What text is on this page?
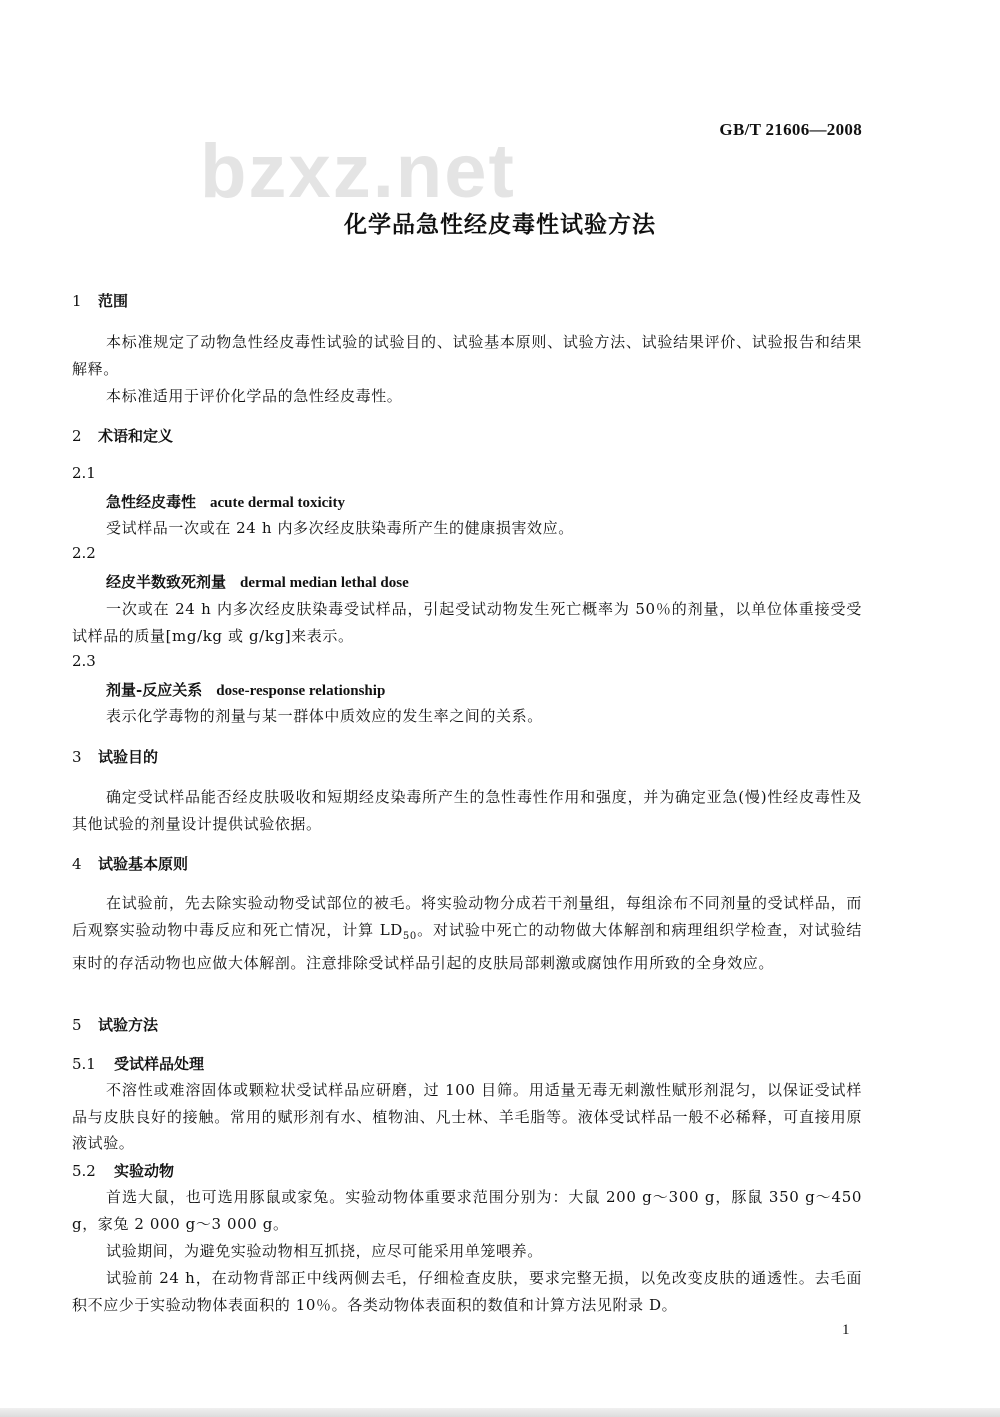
bzxz.net	GB/T 21606—2008
化学品急性经皮毒性试验方法
1 范围
本标准规定了动物急性经皮毒性试验的试验目的、试验基本原则、试验方法、试验结果评价、试验报告和结果解释。
本标准适用于评价化学品的急性经皮毒性。
2 术语和定义
2.1
急性经皮毒性 acute dermal toxicity
受试样品一次或在 24 h 内多次经皮肤染毒所产生的健康损害效应。
2.2
经皮半数致死剂量 dermal median lethal dose
一次或在 24 h 内多次经皮肤染毒受试样品，引起受试动物发生死亡概率为 50％的剂量，以单位体重接受受试样品的质量[mg/kg 或 g/kg]来表示。
2.3
剂量-反应关系 dose-response relationship
表示化学毒物的剂量与某一群体中质效应的发生率之间的关系。
3 试验目的
确定受试样品能否经皮肤吸收和短期经皮染毒所产生的急性毒性作用和强度，并为确定亚急(慢)性经皮毒性及其他试验的剂量设计提供试验依据。
4 试验基本原则
在试验前，先去除实验动物受试部位的被毛。将实验动物分成若干剂量组，每组涂布不同剂量的受试样品，而后观察实验动物中毒反应和死亡情况，计算 $LD_{50}$。对试验中死亡的动物做大体解剖和病理组织学检查，对试验结束时的存活动物也应做大体解剖。注意排除受试样品引起的皮肤局部刺激或腐蚀作用所致的全身效应。
5 试验方法
5.1 受试样品处理
不溶性或难溶固体或颗粒状受试样品应研磨，过 100 目筛。用适量无毒无刺激性赋形剂混匀，以保证受试样品与皮肤良好的接触。常用的赋形剂有水、植物油、凡士林、羊毛脂等。液体受试样品一般不必稀释，可直接用原液试验。
5.2 实验动物
首选大鼠，也可选用豚鼠或家兔。实验动物体重要求范围分别为：大鼠 200 g～300 g，豚鼠 350 g～450 g，家兔 2 000 g～3 000 g。
试验期间，为避免实验动物相互抓挠，应尽可能采用单笼喂养。
试验前 24 h，在动物背部正中线两侧去毛，仔细检查皮肤，要求完整无损，以免改变皮肤的通透性。去毛面积不应少于实验动物体表面积的 10％。各类动物体表面积的数值和计算方法见附录 D。
1
